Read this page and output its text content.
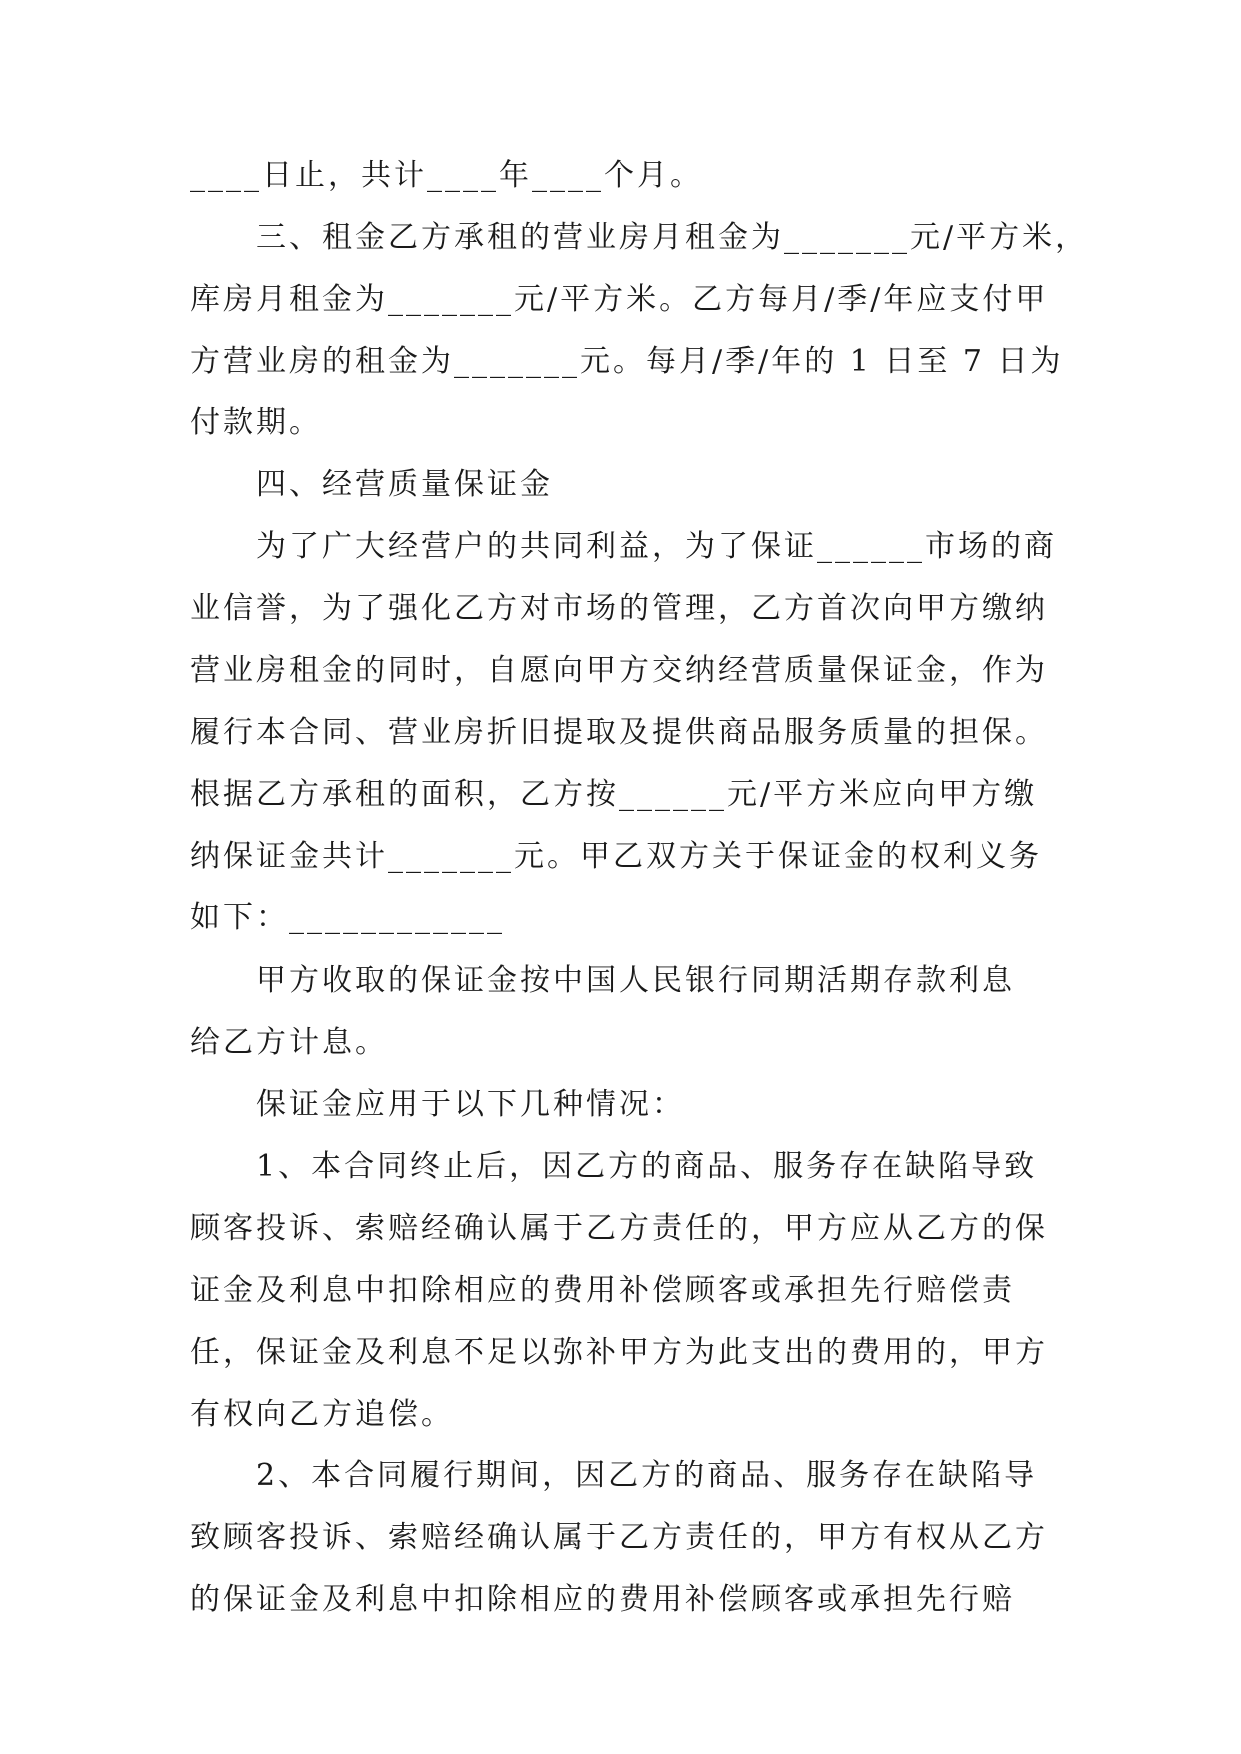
____日止，共计____年____个月。
三、租金乙方承租的营业房月租金为_______元/平方米，
库房月租金为_______元/平方米。乙方每月/季/年应支付甲
方营业房的租金为_______元。每月/季/年的 1 日至 7 日为
付款期。
四、经营质量保证金
为了广大经营户的共同利益，为了保证______市场的商
业信誉，为了强化乙方对市场的管理，乙方首次向甲方缴纳
营业房租金的同时，自愿向甲方交纳经营质量保证金，作为
履行本合同、营业房折旧提取及提供商品服务质量的担保。
根据乙方承租的面积，乙方按______元/平方米应向甲方缴
纳保证金共计_______元。甲乙双方关于保证金的权利义务
如下：____________
甲方收取的保证金按中国人民银行同期活期存款利息
给乙方计息。
保证金应用于以下几种情况：
1、本合同终止后，因乙方的商品、服务存在缺陷导致
顾客投诉、索赔经确认属于乙方责任的，甲方应从乙方的保
证金及利息中扣除相应的费用补偿顾客或承担先行赔偿责
任，保证金及利息不足以弥补甲方为此支出的费用的，甲方
有权向乙方追偿。
2、本合同履行期间，因乙方的商品、服务存在缺陷导
致顾客投诉、索赔经确认属于乙方责任的，甲方有权从乙方
的保证金及利息中扣除相应的费用补偿顾客或承担先行赔
